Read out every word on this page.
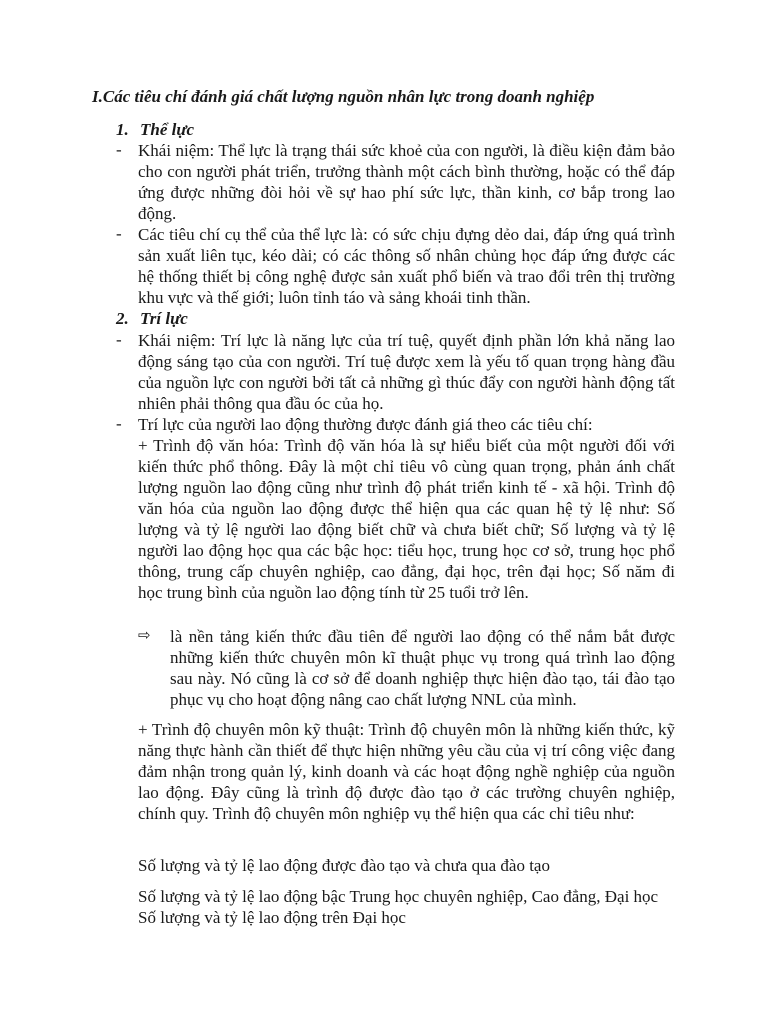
I.Các tiêu chí đánh giá chất lượng nguồn nhân lực trong doanh nghiệp
1. Thể lực
- Khái niệm: Thể lực là trạng thái sức khoẻ của con người, là điều kiện đảm bảo cho con người phát triển, trưởng thành một cách bình thường, hoặc có thể đáp ứng được những đòi hỏi về sự hao phí sức lực, thần kinh, cơ bắp trong lao động.

- Các tiêu chí cụ thể của thể lực là: có sức chịu đựng dẻo dai, đáp ứng quá trình sản xuất liên tục, kéo dài; có các thông số nhân chủng học đáp ứng được các hệ thống thiết bị công nghệ được sản xuất phổ biến và trao đổi trên thị trường khu vực và thế giới; luôn tỉnh táo và sảng khoái tinh thần.

2. Trí lực
- Khái niệm: Trí lực là năng lực của trí tuệ, quyết định phần lớn khả năng lao động sáng tạo của con người. Trí tuệ được xem là yếu tố quan trọng hàng đầu của nguồn lực con người bởi tất cả những gì thúc đẩy con người hành động tất nhiên phải thông qua đầu óc của họ.

- Trí lực của người lao động thường được đánh giá theo các tiêu chí:

+ Trình độ văn hóa: Trình độ văn hóa là sự hiểu biết của một người đối với kiến thức phổ thông. Đây là một chỉ tiêu vô cùng quan trọng, phản ánh chất lượng nguồn lao động cũng như trình độ phát triển kinh tế - xã hội. Trình độ văn hóa của nguồn lao động được thể hiện qua các quan hệ tỷ lệ như: Số lượng và tỷ lệ người lao động biết chữ và chưa biết chữ; Số lượng và tỷ lệ người lao động học qua các bậc học: tiểu học, trung học cơ sở, trung học phổ thông, trung cấp chuyên nghiệp, cao đẳng, đại học, trên đại học; Số năm đi học trung bình của nguồn lao động tính từ 25 tuổi trở lên.

⇨ là nền tảng kiến thức đầu tiên để người lao động có thể nắm bắt được những kiến thức chuyên môn kĩ thuật phục vụ trong quá trình lao động sau này. Nó cũng là cơ sở để doanh nghiệp thực hiện đào tạo, tái đào tạo phục vụ cho hoạt động nâng cao chất lượng NNL của mình.

+ Trình độ chuyên môn kỹ thuật: Trình độ chuyên môn là những kiến thức, kỹ năng thực hành cần thiết để thực hiện những yêu cầu của vị trí công việc đang đảm nhận trong quản lý, kinh doanh và các hoạt động nghề nghiệp của nguồn lao động. Đây cũng là trình độ được đào tạo ở các trường chuyên nghiệp, chính quy. Trình độ chuyên môn nghiệp vụ thể hiện qua các chỉ tiêu như:

Số lượng và tỷ lệ lao động được đào tạo và chưa qua đào tạo

Số lượng và tỷ lệ lao động bậc Trung học chuyên nghiệp, Cao đẳng, Đại học Số lượng và tỷ lệ lao động trên Đại học
